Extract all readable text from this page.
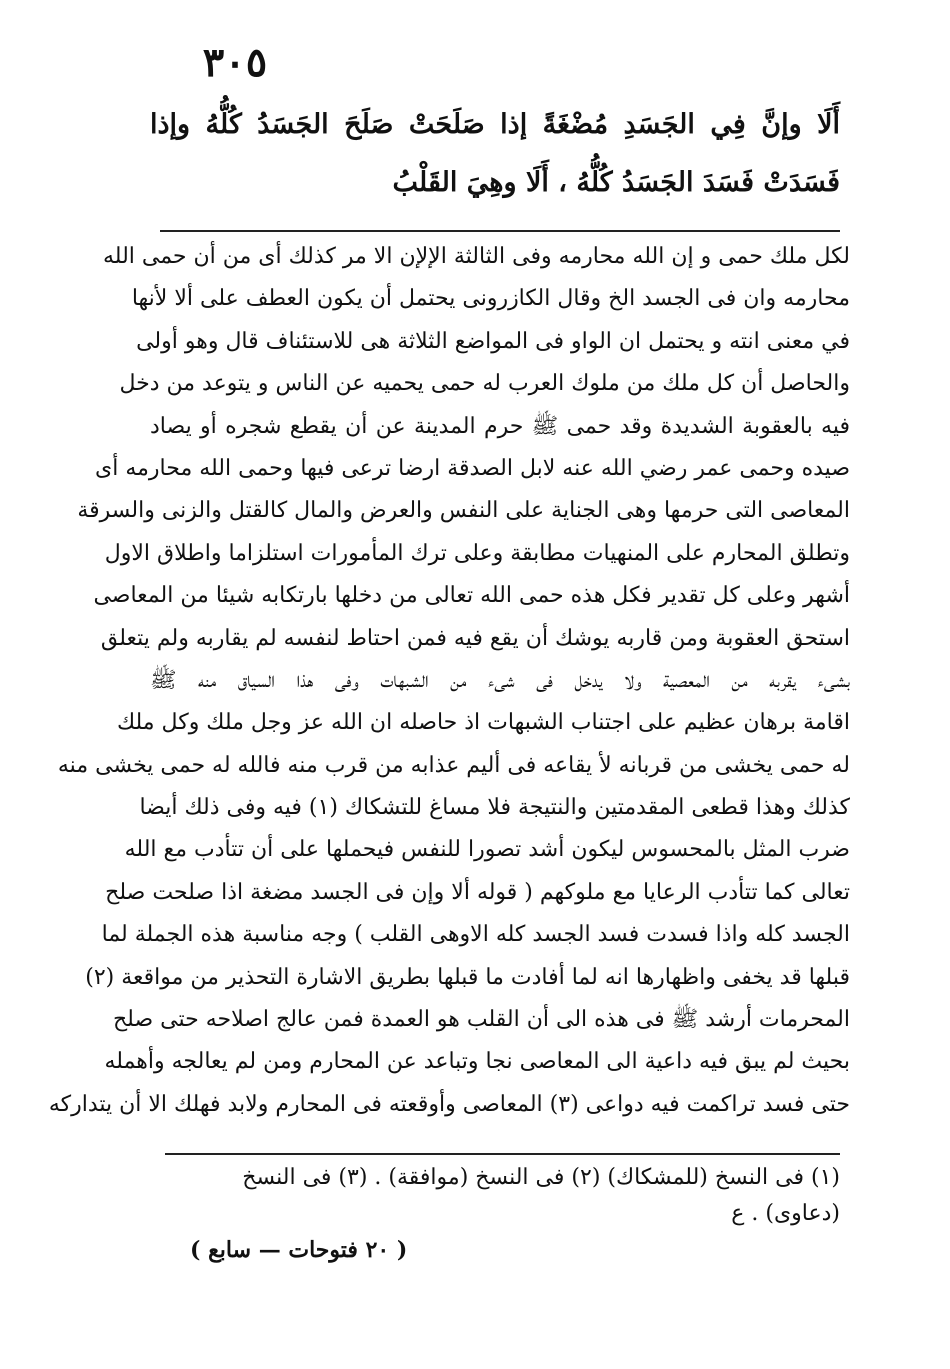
٣٠٥
أَلَا وإنَّ فِي الجَسَدِ مُضْغَةً إذا صَلَحَتْ صَلَحَ الجَسَدُ كُلُّهُ وإذا فَسَدَتْ فَسَدَ الجَسَدُ كُلُّهُ ، أَلَا وهِيَ القَلْبُ
لكل ملك حمى و إن الله محارمه وفى الثالثة الإلإن الا مر كذلك أى من أن حمى الله
محارمه وان فى الجسد الخ وقال الكازرونى يحتمل أن يكون العطف على ألا لأنها
في معنى انته و يحتمل ان الواو فى المواضع الثلاثة هى للاستئناف قال وهو أولى
والحاصل أن كل ملك من ملوك العرب له حمى يحميه عن الناس و يتوعد من دخل
فيه بالعقوبة الشديدة وقد حمى ﷺ حرم المدينة عن أن يقطع شجره أو يصاد
صيده وحمى عمر رضي الله عنه لابل الصدقة ارضا ترعى فيها وحمى الله محارمه أى
المعاصى التى حرمها وهى الجناية على النفس والعرض والمال كالقتل والزنى والسرقة
وتطلق المحارم على المنهيات مطابقة وعلى ترك المأمورات استلزاما واطلاق الاول
أشهر وعلى كل تقدير فكل هذه حمى الله تعالى من دخلها بارتكابه شيئا من المعاصى
استحق العقوبة ومن قاربه يوشك أن يقع فيه فمن احتاط لنفسه لم يقاربه ولم يتعلق
بشىء يقربه من المعصية ولا يدخل فى شىء من الشبهات وفى هذا السياق منه ﷺ
اقامة برهان عظيم على اجتناب الشبهات اذ حاصله ان الله عز وجل ملك وكل ملك
له حمى يخشى من قربانه لأ يقاعه فى أليم عذابه من قرب منه فالله له حمى يخشى منه
كذلك وهذا قطعى المقدمتين والنتيجة فلا مساغ للتشكاك (١) فيه وفى ذلك أيضا
ضرب المثل بالمحسوس ليكون أشد تصورا للنفس فيحملها على أن تتأدب مع الله
تعالى كما تتأدب الرعايا مع ملوكهم ( قوله ألا وإن فى الجسد مضغة اذا صلحت صلح
الجسد كله واذا فسدت فسد الجسد كله الاوهى القلب ) وجه مناسبة هذه الجملة لما
قبلها قد يخفى واظهارها انه لما أفادت ما قبلها بطريق الاشارة التحذير من مواقعة (٢)
المحرمات أرشد ﷺ فى هذه الى أن القلب هو العمدة فمن عالج اصلاحه حتى صلح
بحيث لم يبق فيه داعية الى المعاصى نجا وتباعد عن المحارم ومن لم يعالجه وأهمله
حتى فسد تراكمت فيه دواعى (٣) المعاصى وأوقعته فى المحارم ولابد فهلك الا أن يتداركه
(١) فى النسخ (للمشكاك) (٢) فى النسخ (موافقة) . (٣) فى النسخ (دعاوى) . ع
( ٢٠ فتوحات — سابع )
